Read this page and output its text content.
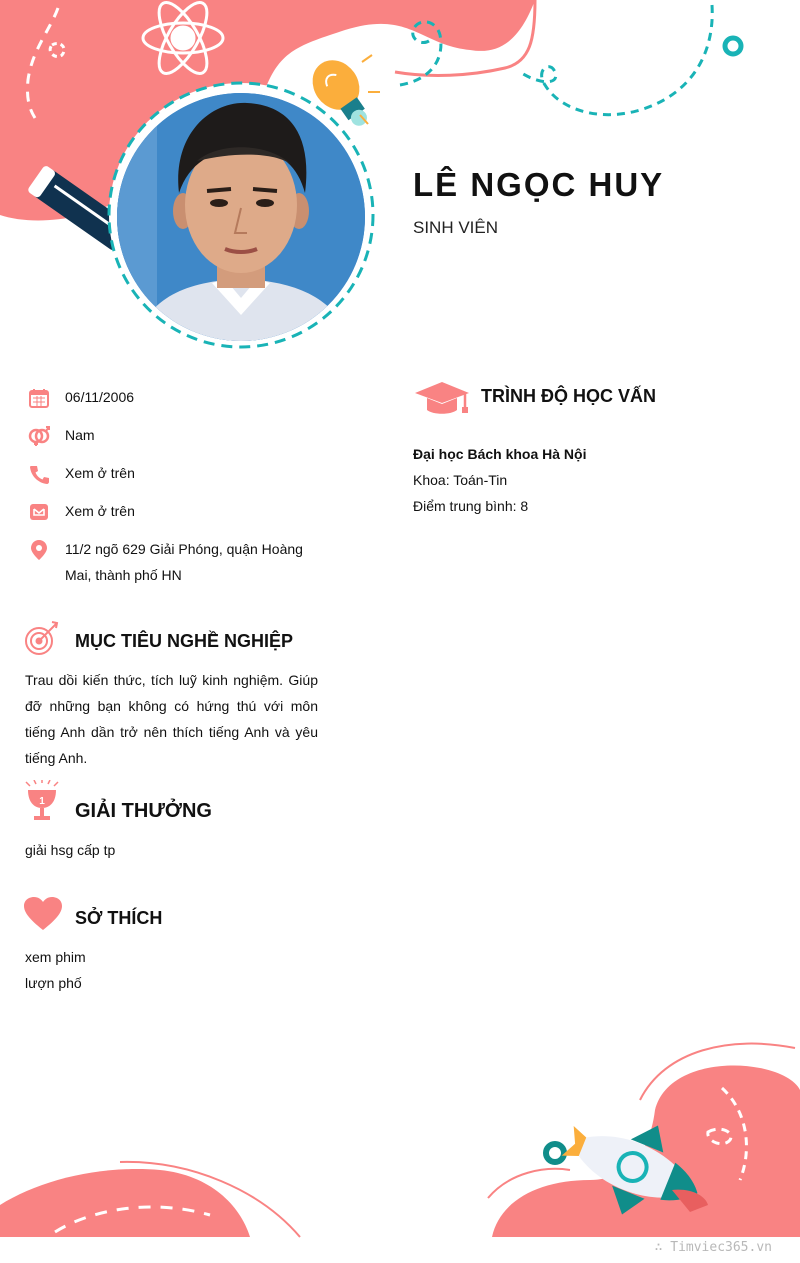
LÊ NGỌC HUY
SINH VIÊN
06/11/2006
Nam
Xem ở trên
Xem ở trên
11/2 ngõ 629 Giải Phóng, quận Hoàng Mai, thành phố HN
TRÌNH ĐỘ HỌC VẤN
Đại học Bách khoa Hà Nội
Khoa: Toán-Tin
Điểm trung bình: 8
MỤC TIÊU NGHỀ NGHIỆP
Trau dồi kiến thức, tích luỹ kinh nghiệm. Giúp đỡ những bạn không có hứng thú với môn tiếng Anh dần trở nên thích tiếng Anh và yêu tiếng Anh.
1 GIẢI THƯỞNG
giải hsg cấp tp
SỞ THÍCH
xem phim
lượn phố
∴ Timviec365.vn
